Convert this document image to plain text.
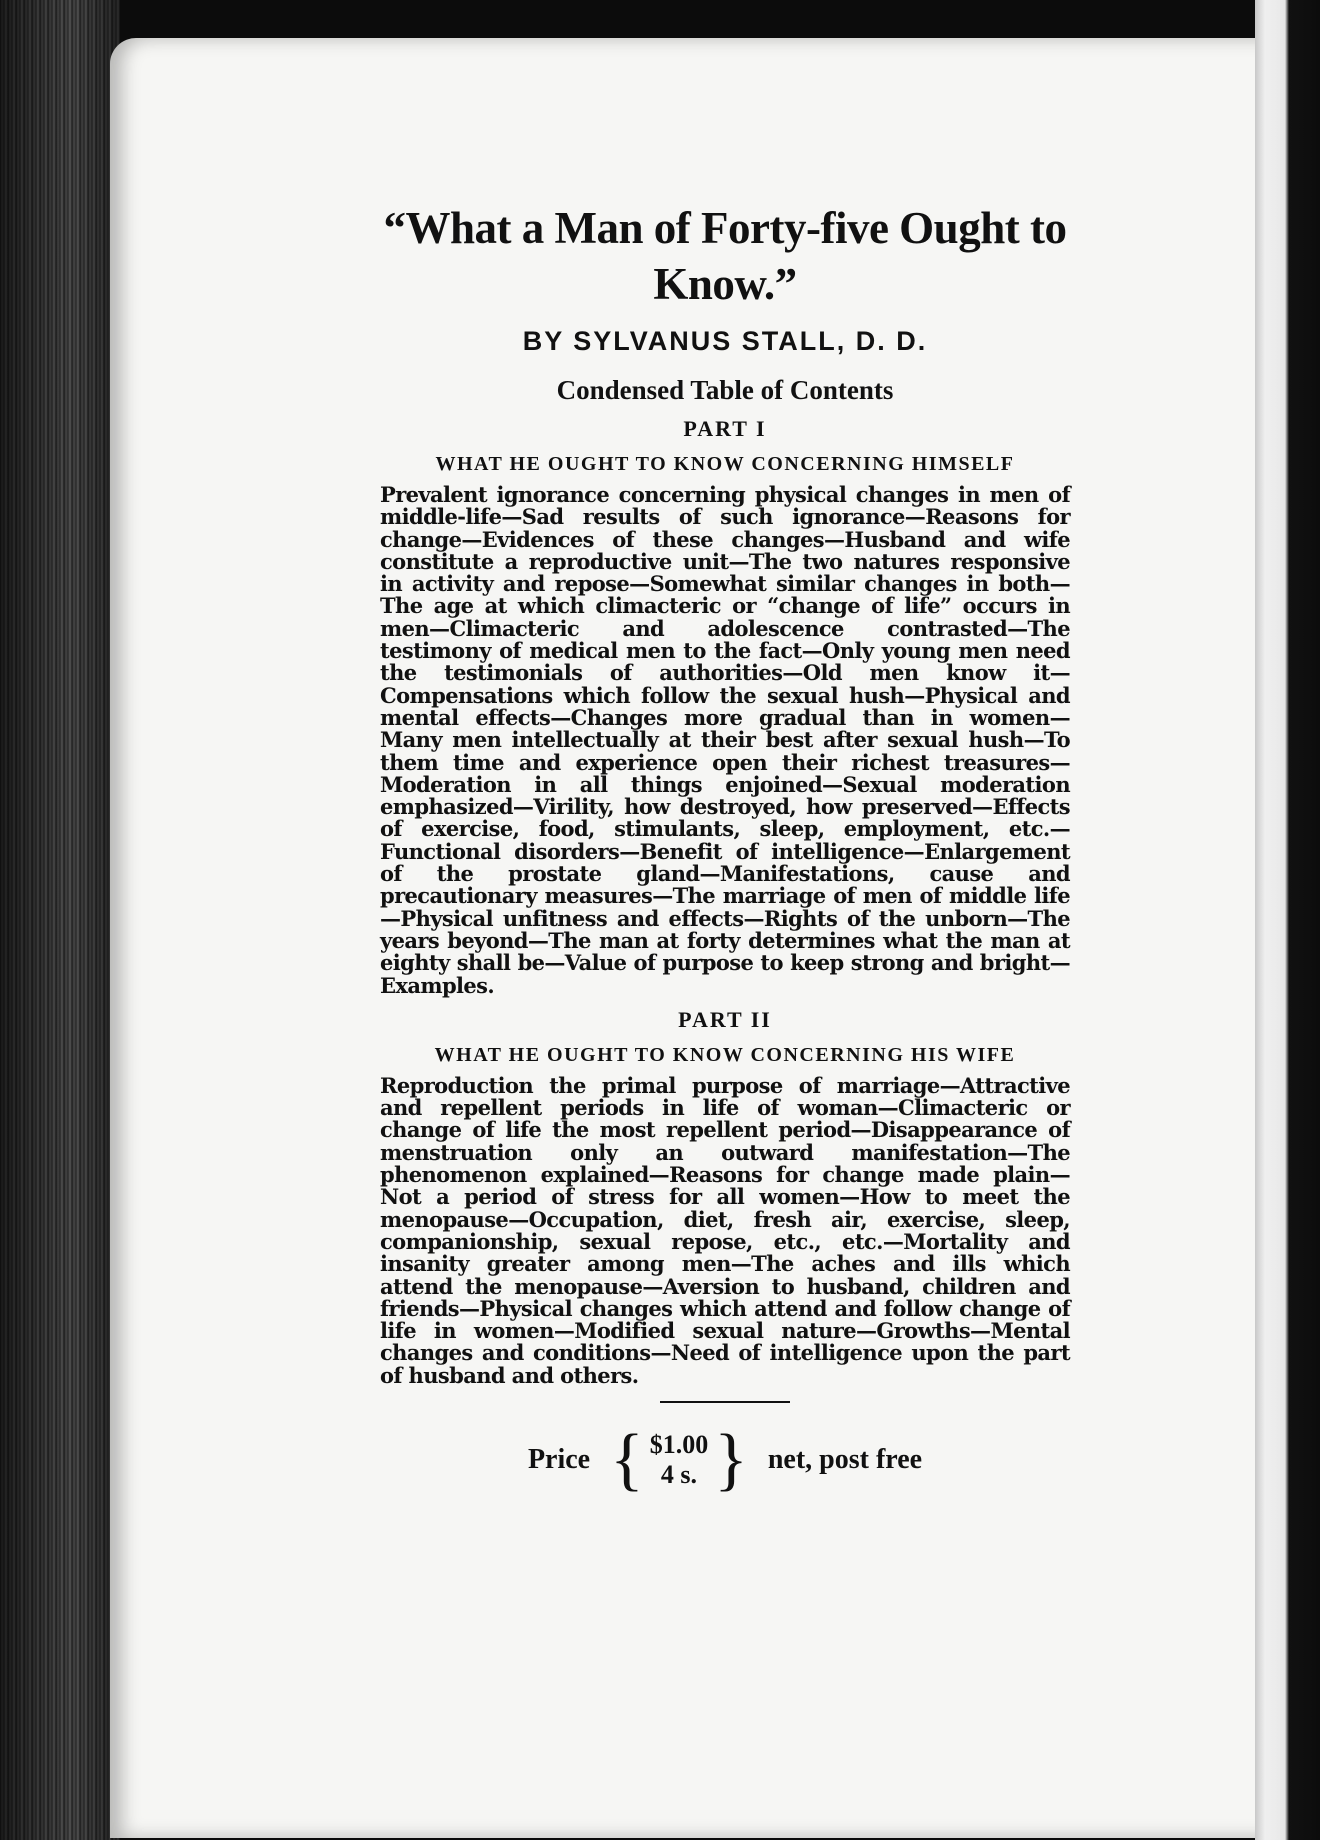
“What a Man of Forty-five Ought to Know.”
BY SYLVANUS STALL, D. D.
Condensed Table of Contents
PART I
WHAT HE OUGHT TO KNOW CONCERNING HIMSELF

Prevalent ignorance concerning physical changes in men of middle-life—Sad results of such ignorance—Reasons for change—Evidences of these changes—Husband and wife constitute a reproductive unit—The two natures responsive in activity and repose—Somewhat similar changes in both—The age at which climacteric or “change of life” occurs in men—Climacteric and adolescence contrasted—The testimony of medical men to the fact—Only young men need the testimonials of authorities—Old men know it—Compensations which follow the sexual hush—Physical and mental effects—Changes more gradual than in women—Many men intellectually at their best after sexual hush—To them time and experience open their richest treasures—Moderation in all things enjoined—Sexual moderation emphasized—Virility, how destroyed, how preserved—Effects of exercise, food, stimulants, sleep, employment, etc.—Functional disorders—Benefit of intelligence—Enlargement of the prostate gland—Manifestations, cause and precautionary measures—The marriage of men of middle life—Physical unfitness and effects—Rights of the unborn—The years beyond—The man at forty determines what the man at eighty shall be—Value of purpose to keep strong and bright—Examples.

PART II
WHAT HE OUGHT TO KNOW CONCERNING HIS WIFE

Reproduction the primal purpose of marriage—Attractive and repellent periods in life of woman—Climacteric or change of life the most repellent period—Disappearance of menstruation only an outward manifestation—The phenomenon explained—Reasons for change made plain—Not a period of stress for all women—How to meet the menopause—Occupation, diet, fresh air, exercise, sleep, companionship, sexual repose, etc., etc.—Mortality and insanity greater among men—The aches and ills which attend the menopause—Aversion to husband, children and friends—Physical changes which attend and follow change of life in women—Modified sexual nature—Growths—Mental changes and conditions—Need of intelligence upon the part of husband and others.

Price { $1.00
4 s. } net, post free
